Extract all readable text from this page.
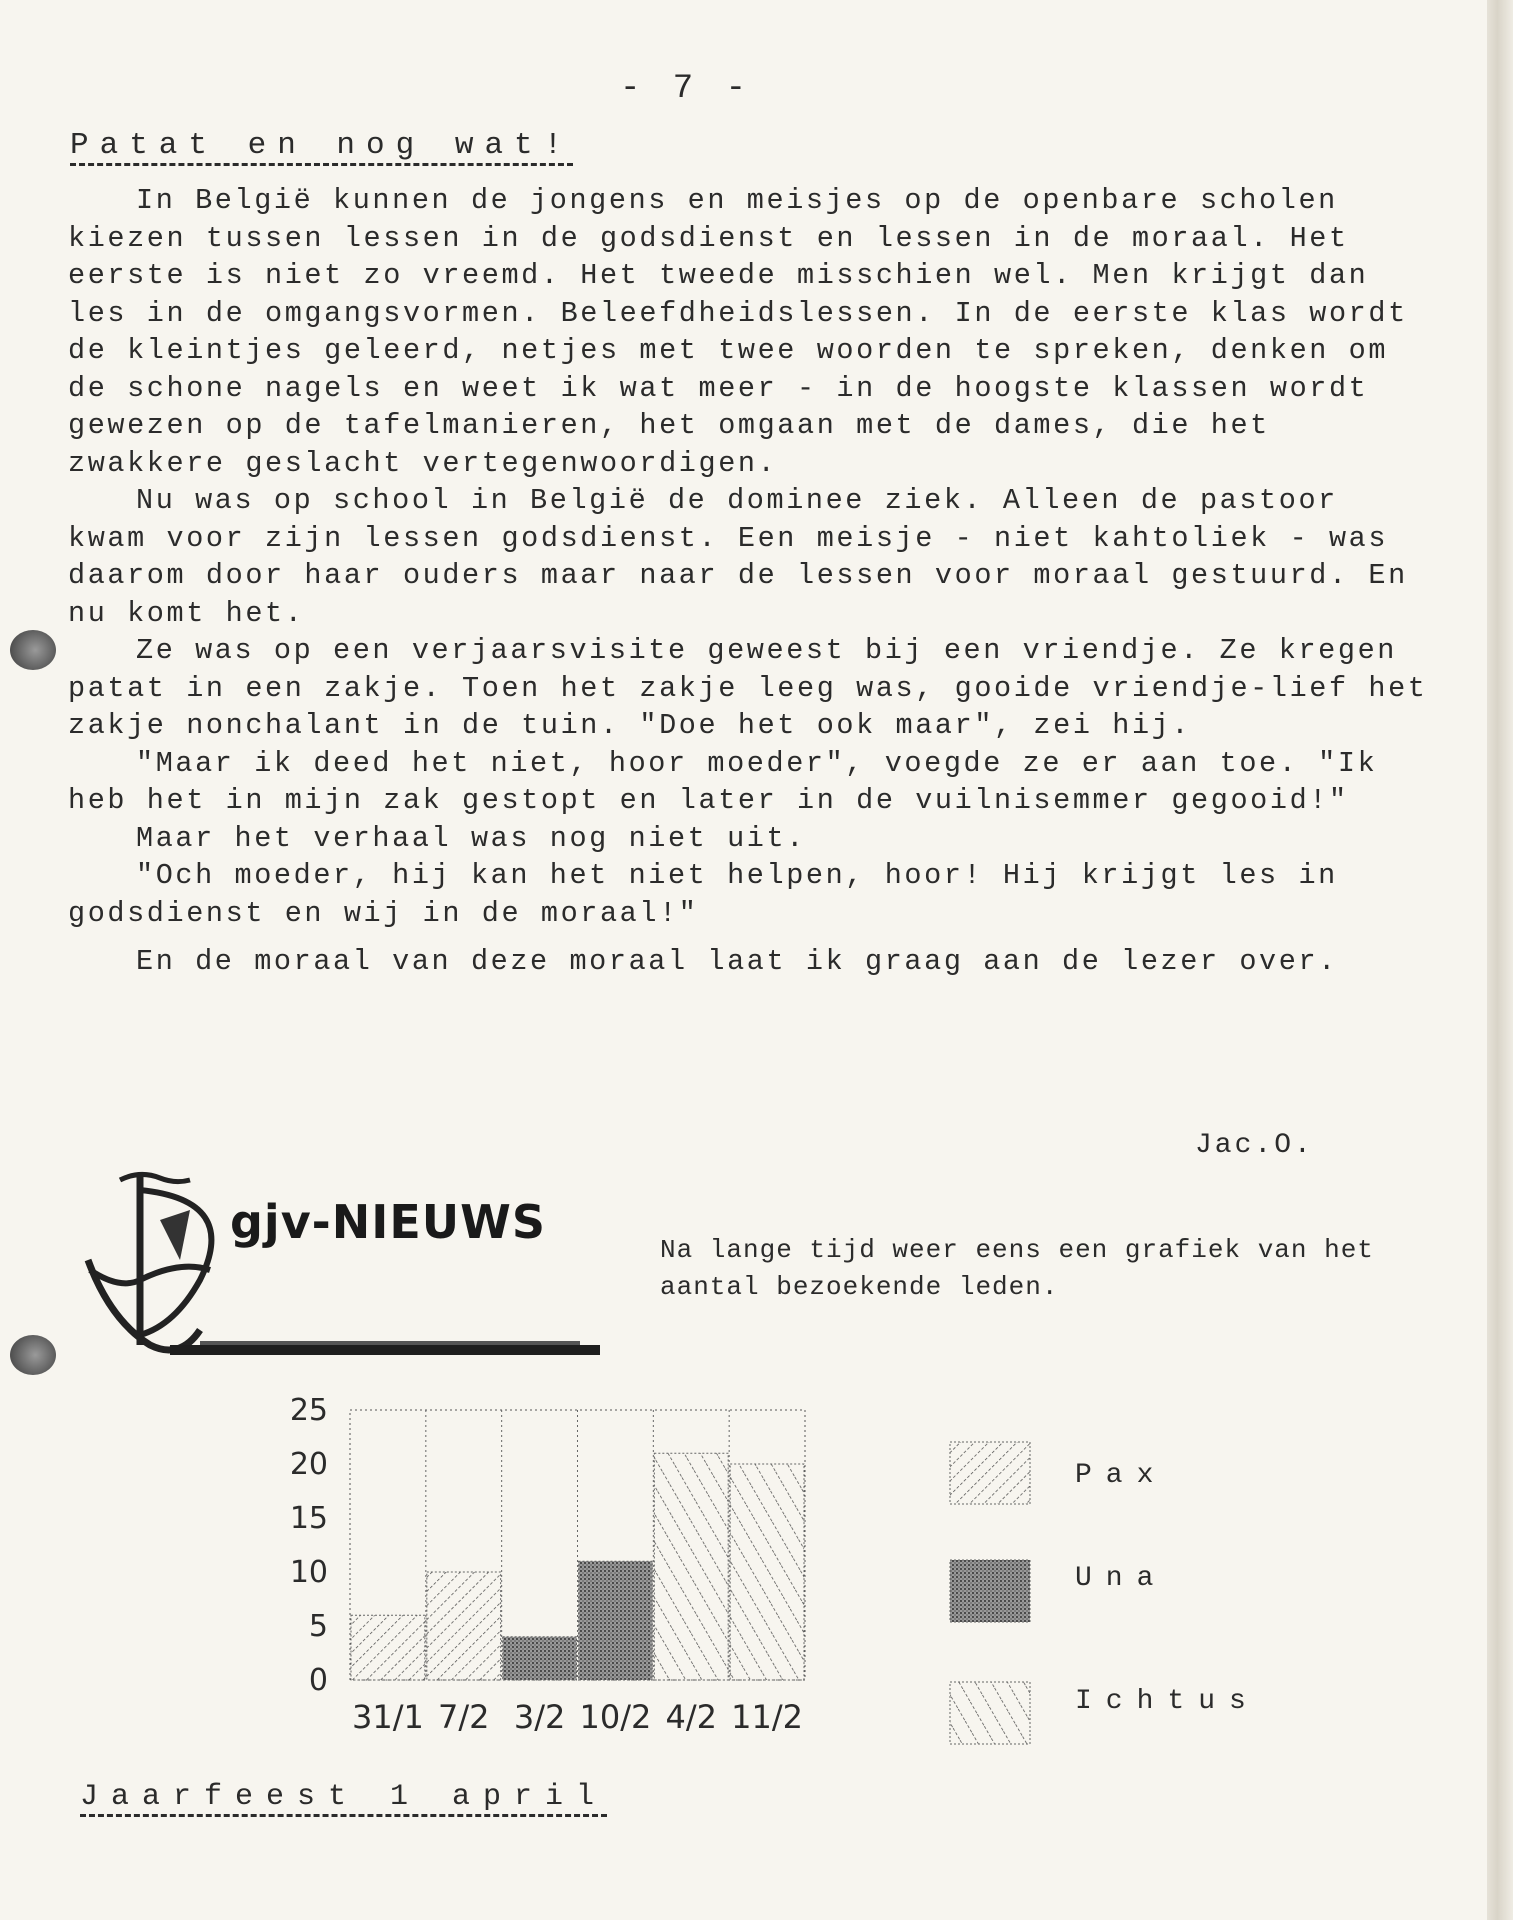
- 7 -
Patat en nog wat!

In België kunnen de jongens en meisjes op de openbare scholen kiezen tussen lessen in de godsdienst en lessen in de moraal. Het eerste is niet zo vreemd. Het tweede misschien wel. Men krijgt dan les in de omgangsvormen. Beleefdheidslessen. In de eerste klas wordt de kleintjes geleerd, netjes met twee woorden te spreken, denken om de schone nagels en weet ik wat meer - in de hoogste klassen wordt gewezen op de tafelmanieren, het omgaan met de dames, die het zwakkere geslacht vertegenwoordigen.

Nu was op school in België de dominee ziek. Alleen de pastoor kwam voor zijn lessen godsdienst. Een meisje - niet kahtoliek - was daarom door haar ouders maar naar de lessen voor moraal gestuurd. En nu komt het.

Ze was op een verjaarsvisite geweest bij een vriendje. Ze kregen patat in een zakje. Toen het zakje leeg was, gooide vriendje-lief het zakje nonchalant in de tuin. "Doe het ook maar", zei hij.

"Maar ik deed het niet, hoor moeder", voegde ze er aan toe. "Ik heb het in mijn zak gestopt en later in de vuilnisemmer gegooid!"

Maar het verhaal was nog niet uit.

"Och moeder, hij kan het niet helpen, hoor! Hij krijgt les in godsdienst en wij in de moraal!"

En de moraal van deze moraal laat ik graag aan de lezer over.

Jac.O.
gjv-NIEUWS
Na lange tijd weer eens een grafiek van het aantal bezoekende leden.
0
5
10
15
20
25
31/1 7/2 3/2 10/2 4/2 11/2
Pax
Una
Ichtus
Jaarfeest 1 april
